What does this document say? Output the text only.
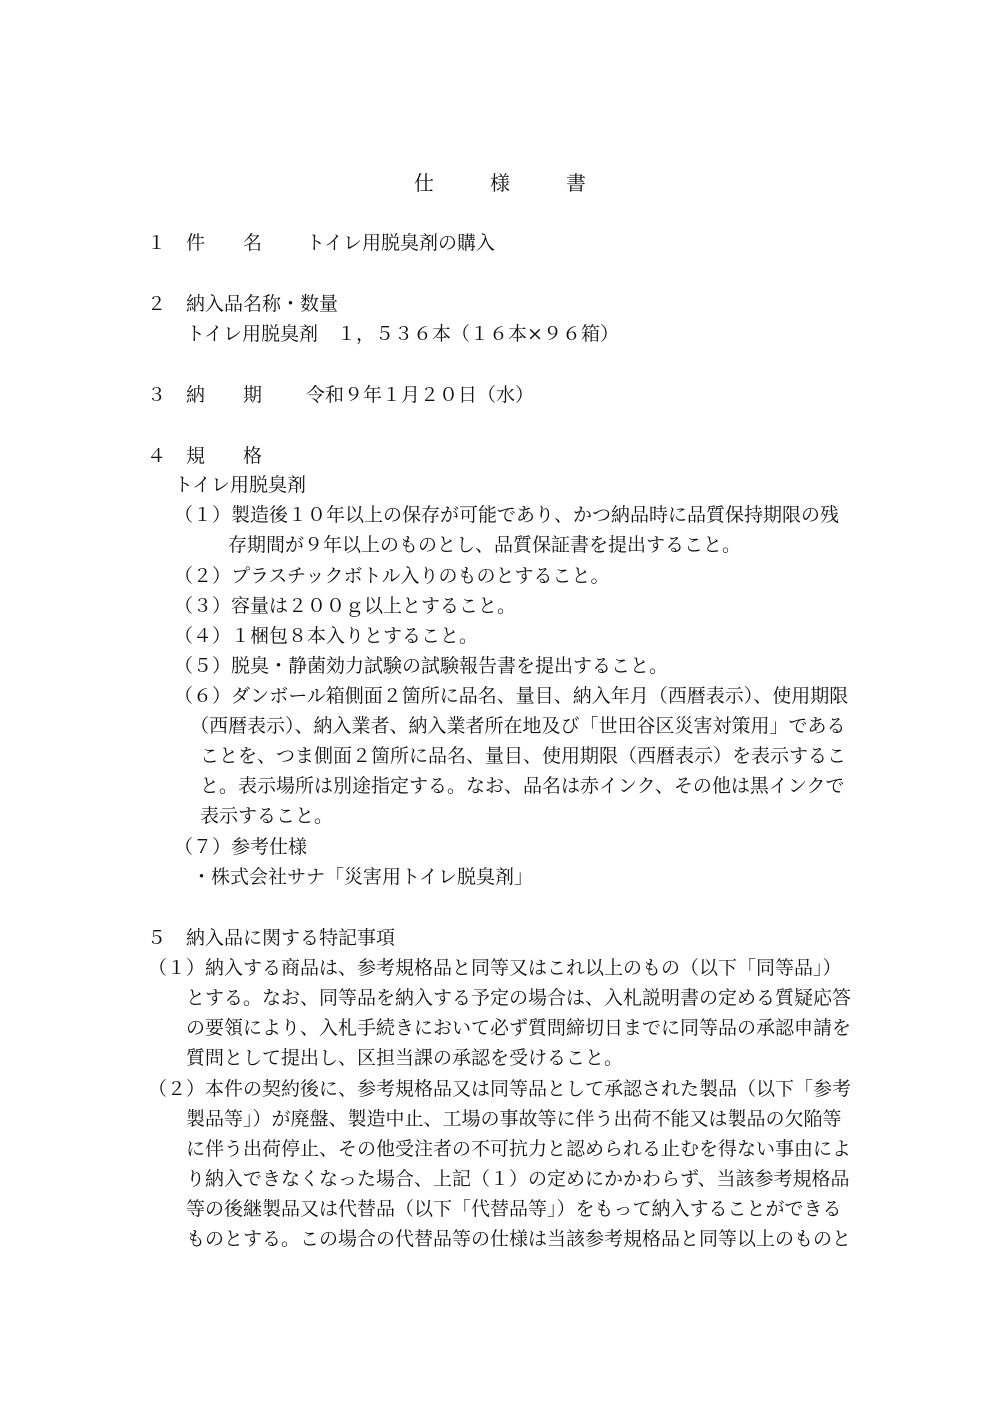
仕　様　書
１ 件　　名 トイレ用脱臭剤の購入
２ 納入品名称・数量
トイレ用脱臭剤　１，５３６本（１６本×９６箱）
３ 納　　期 令和９年１月２０日（水）
４ 規　　格
トイレ用脱臭剤
（１）製造後１０年以上の保存が可能であり、かつ納品時に品質保持期限の残
存期間が９年以上のものとし、品質保証書を提出すること。
（２）プラスチックボトル入りのものとすること。
（３）容量は２００ｇ以上とすること。
（４）１梱包８本入りとすること。
（５）脱臭・静菌効力試験の試験報告書を提出すること。
（６）ダンボール箱側面２箇所に品名、量目、納入年月（西暦表示）、使用期限
（西暦表示）、納入業者、納入業者所在地及び「世田谷区災害対策用」である
ことを、つま側面２箇所に品名、量目、使用期限（西暦表示）を表示するこ
と。表示場所は別途指定する。なお、品名は赤インク、その他は黒インクで
表示すること。
（７）参考仕様
・株式会社サナ「災害用トイレ脱臭剤」
５ 納入品に関する特記事項
（１）納入する商品は、参考規格品と同等又はこれ以上のもの（以下「同等品」）
とする。なお、同等品を納入する予定の場合は、入札説明書の定める質疑応答
の要領により、入札手続きにおいて必ず質問締切日までに同等品の承認申請を
質問として提出し、区担当課の承認を受けること。
（２）本件の契約後に、参考規格品又は同等品として承認された製品（以下「参考
製品等」）が廃盤、製造中止、工場の事故等に伴う出荷不能又は製品の欠陥等
に伴う出荷停止、その他受注者の不可抗力と認められる止むを得ない事由によ
り納入できなくなった場合、上記（１）の定めにかかわらず、当該参考規格品
等の後継製品又は代替品（以下「代替品等」）をもって納入することができる
ものとする。この場合の代替品等の仕様は当該参考規格品と同等以上のものと
